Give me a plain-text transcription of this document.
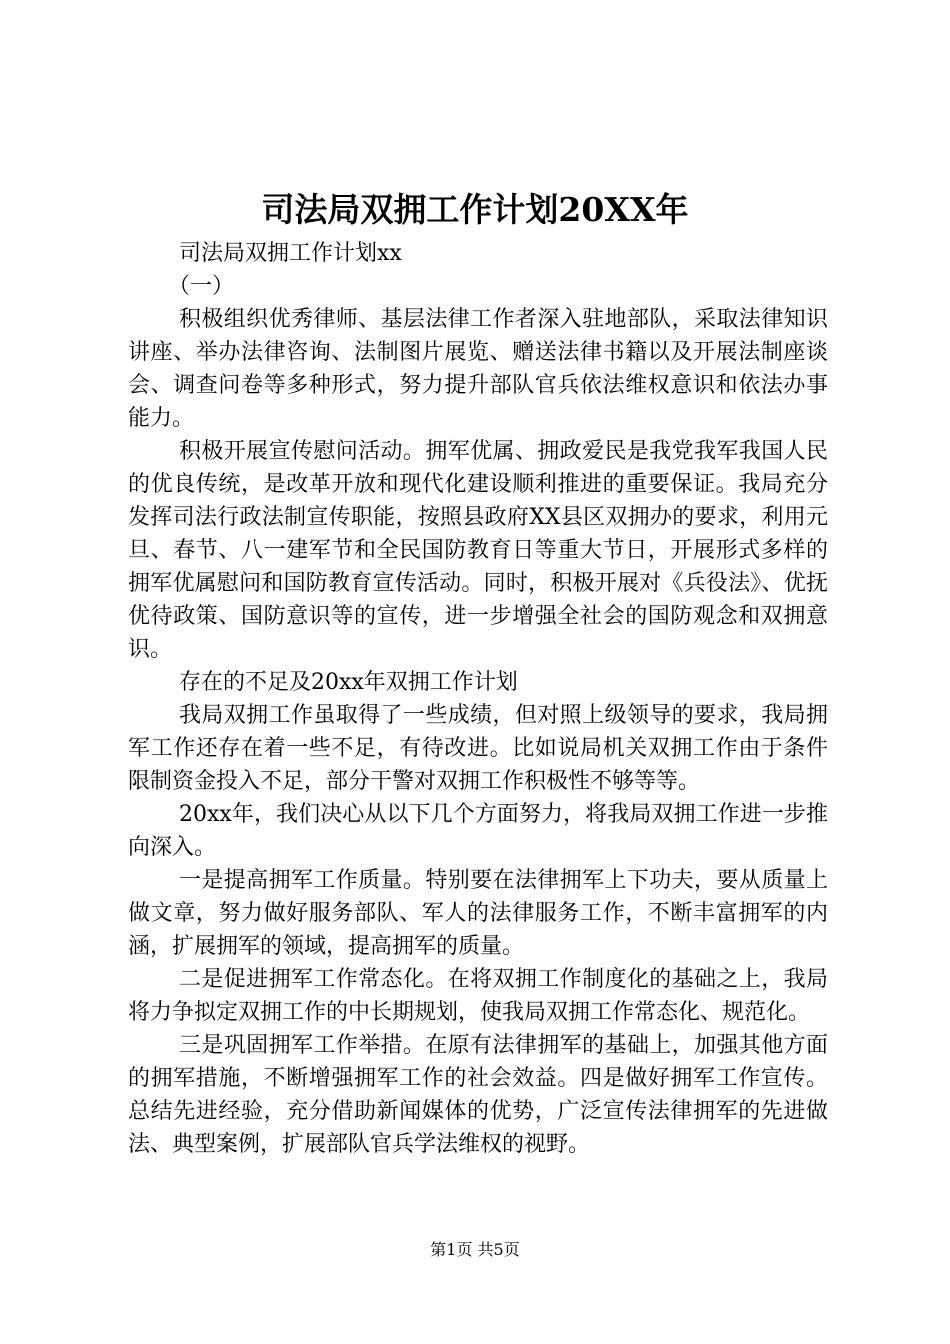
司法局双拥工作计划20XX年

司法局双拥工作计划xx

（一）

积极组织优秀律师、基层法律工作者深入驻地部队，采取法律知识讲座、举办法律咨询、法制图片展览、赠送法律书籍以及开展法制座谈会、调查问卷等多种形式，努力提升部队官兵依法维权意识和依法办事能力。

积极开展宣传慰问活动。拥军优属、拥政爱民是我党我军我国人民的优良传统，是改革开放和现代化建设顺利推进的重要保证。我局充分发挥司法行政法制宣传职能，按照县政府XX县区双拥办的要求，利用元旦、春节、八一建军节和全民国防教育日等重大节日，开展形式多样的拥军优属慰问和国防教育宣传活动。同时，积极开展对《兵役法》、优抚优待政策、国防意识等的宣传，进一步增强全社会的国防观念和双拥意识。

存在的不足及20xx年双拥工作计划

我局双拥工作虽取得了一些成绩，但对照上级领导的要求，我局拥军工作还存在着一些不足，有待改进。比如说局机关双拥工作由于条件限制资金投入不足，部分干警对双拥工作积极性不够等等。

20xx年，我们决心从以下几个方面努力，将我局双拥工作进一步推向深入。

一是提高拥军工作质量。特别要在法律拥军上下功夫，要从质量上做文章，努力做好服务部队、军人的法律服务工作，不断丰富拥军的内涵，扩展拥军的领域，提高拥军的质量。

二是促进拥军工作常态化。在将双拥工作制度化的基础之上，我局将力争拟定双拥工作的中长期规划，使我局双拥工作常态化、规范化。

三是巩固拥军工作举措。在原有法律拥军的基础上，加强其他方面的拥军措施，不断增强拥军工作的社会效益。四是做好拥军工作宣传。总结先进经验，充分借助新闻媒体的优势，广泛宣传法律拥军的先进做法、典型案例，扩展部队官兵学法维权的视野。

第1页 共5页
